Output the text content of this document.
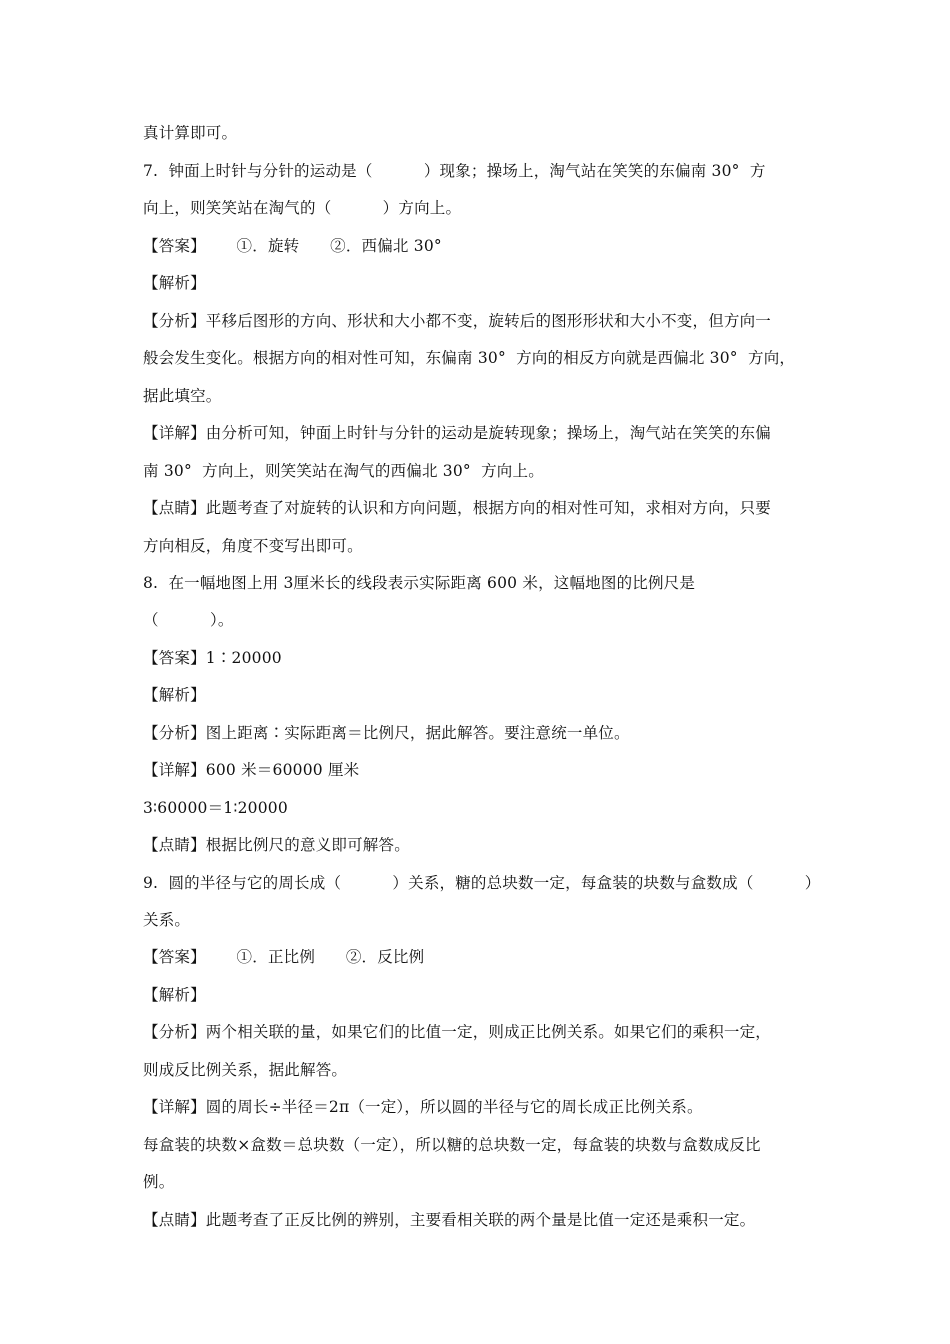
真计算即可。
7.  钟面上时针与分针的运动是（          ）现象；操场上，淘气站在笑笑的东偏南 30°  方
向上，则笑笑站在淘气的（          ）方向上。
【答案】      ①．旋转      ②．西偏北 30°
【解析】
【分析】平移后图形的方向、形状和大小都不变，旋转后的图形形状和大小不变，但方向一
般会发生变化。根据方向的相对性可知，东偏南 30°  方向的相反方向就是西偏北 30°  方向，
据此填空。
【详解】由分析可知，钟面上时针与分针的运动是旋转现象；操场上，淘气站在笑笑的东偏
南 30°  方向上，则笑笑站在淘气的西偏北 30°  方向上。
【点睛】此题考查了对旋转的认识和方向问题，根据方向的相对性可知，求相对方向，只要
方向相反，角度不变写出即可。
8.  在一幅地图上用 3厘米长的线段表示实际距离 600 米，这幅地图的比例尺是
（          ）。
【答案】1∶20000
【解析】
【分析】图上距离∶实际距离＝比例尺，据此解答。要注意统一单位。
【详解】600 米＝60000 厘米
3∶60000＝1∶20000
【点睛】根据比例尺的意义即可解答。
9.  圆的半径与它的周长成（          ）关系，糖的总块数一定，每盒装的块数与盒数成（          ）
关系。
【答案】      ①．正比例      ②．反比例
【解析】
【分析】两个相关联的量，如果它们的比值一定，则成正比例关系。如果它们的乘积一定，
则成反比例关系，据此解答。
【详解】圆的周长÷半径＝2π（一定），所以圆的半径与它的周长成正比例关系。
每盒装的块数×盒数＝总块数（一定），所以糖的总块数一定，每盒装的块数与盒数成反比
例。
【点睛】此题考查了正反比例的辨别，主要看相关联的两个量是比值一定还是乘积一定。
